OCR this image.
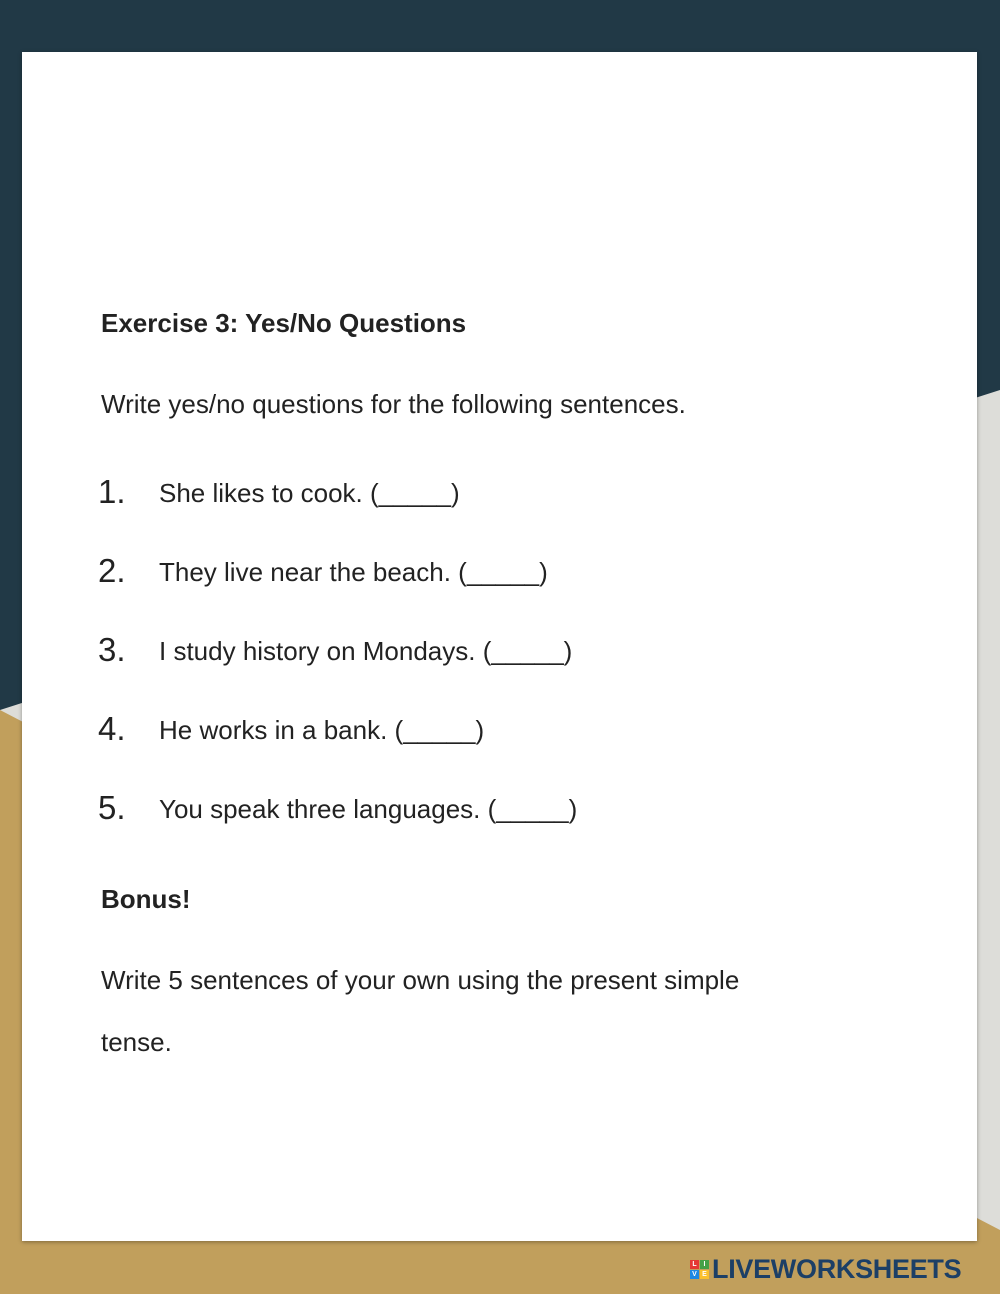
Exercise 3: Yes/No Questions

Write yes/no questions for the following sentences.

1. She likes to cook. (_____)
2. They live near the beach. (_____)
3. I study history on Mondays. (_____)
4. He works in a bank. (_____)
5. You speak three languages. (_____)
Bonus!

Write 5 sentences of your own using the present simple

tense.

L I
V E LIVEWORKSHEETS
